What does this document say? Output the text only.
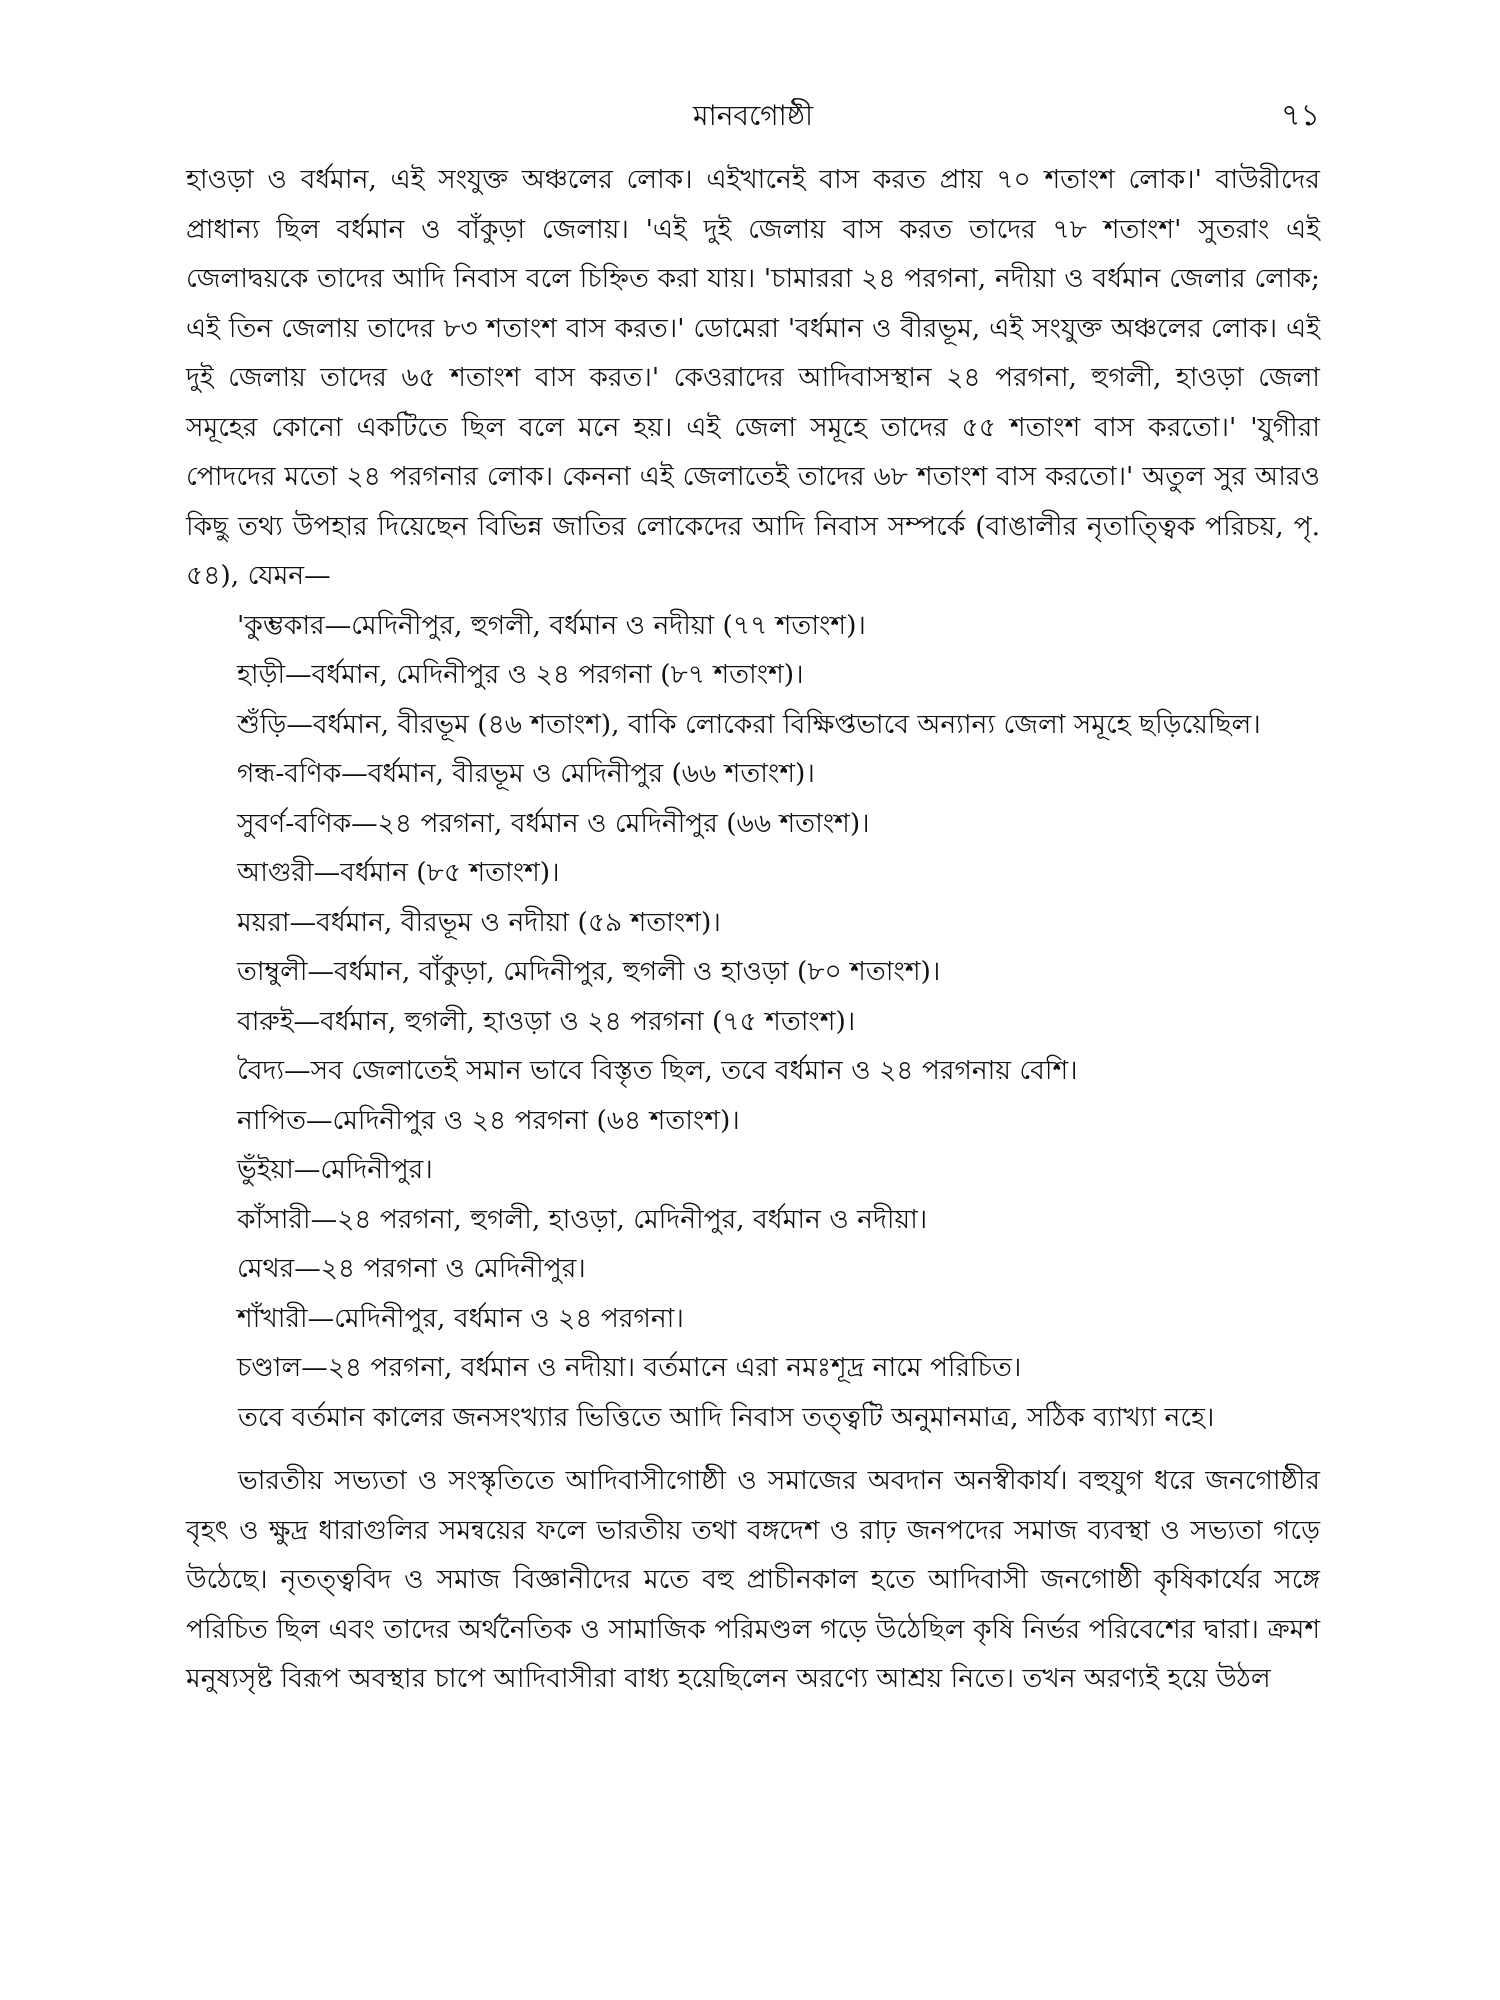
মানবগোষ্ঠী	৭১

হাওড়া ও বর্ধমান, এই সংযুক্ত অঞ্চলের লোক। এইখানেই বাস করত প্রায় ৭০ শতাংশ লোক।' বাউরীদের প্রাধান্য ছিল বর্ধমান ও বাঁকুড়া জেলায়। 'এই দুই জেলায় বাস করত তাদের ৭৮ শতাংশ' সুতরাং এই জেলাদ্বয়কে তাদের আদি নিবাস বলে চিহ্নিত করা যায়। 'চামাররা ২৪ পরগনা, নদীয়া ও বর্ধমান জেলার লোক; এই তিন জেলায় তাদের ৮৩ শতাংশ বাস করত।' ডোমেরা 'বর্ধমান ও বীরভূম, এই সংযুক্ত অঞ্চলের লোক। এই দুই জেলায় তাদের ৬৫ শতাংশ বাস করত।' কেওরাদের আদিবাসস্থান ২৪ পরগনা, হুগলী, হাওড়া জেলা সমূহের কোনো একটিতে ছিল বলে মনে হয়। এই জেলা সমূহে তাদের ৫৫ শতাংশ বাস করতো।' 'যুগীরা পোদদের মতো ২৪ পরগনার লোক। কেননা এই জেলাতেই তাদের ৬৮ শতাংশ বাস করতো।' অতুল সুর আরও কিছু তথ্য উপহার দিয়েছেন বিভিন্ন জাতির লোকেদের আদি নিবাস সম্পর্কে (বাঙালীর নৃতাত্ত্বিক পরিচয়, পৃ. ৫৪), যেমন—

'কুম্ভকার—মেদিনীপুর, হুগলী, বর্ধমান ও নদীয়া (৭৭ শতাংশ)।
হাড়ী—বর্ধমান, মেদিনীপুর ও ২৪ পরগনা (৮৭ শতাংশ)।
শুঁড়ি—বর্ধমান, বীরভূম (৪৬ শতাংশ), বাকি লোকেরা বিক্ষিপ্তভাবে অন্যান্য জেলা সমূহে ছড়িয়েছিল।
গন্ধ-বণিক—বর্ধমান, বীরভূম ও মেদিনীপুর (৬৬ শতাংশ)।
সুবর্ণ-বণিক—২৪ পরগনা, বর্ধমান ও মেদিনীপুর (৬৬ শতাংশ)।
আগুরী—বর্ধমান (৮৫ শতাংশ)।
ময়রা—বর্ধমান, বীরভূম ও নদীয়া (৫৯ শতাংশ)।
তাম্বুলী—বর্ধমান, বাঁকুড়া, মেদিনীপুর, হুগলী ও হাওড়া (৮০ শতাংশ)।
বারুই—বর্ধমান, হুগলী, হাওড়া ও ২৪ পরগনা (৭৫ শতাংশ)।
বৈদ্য—সব জেলাতেই সমান ভাবে বিস্তৃত ছিল, তবে বর্ধমান ও ২৪ পরগনায় বেশি।
নাপিত—মেদিনীপুর ও ২৪ পরগনা (৬৪ শতাংশ)।
ভুঁইয়া—মেদিনীপুর।
কাঁসারী—২৪ পরগনা, হুগলী, হাওড়া, মেদিনীপুর, বর্ধমান ও নদীয়া।
মেথর—২৪ পরগনা ও মেদিনীপুর।
শাঁখারী—মেদিনীপুর, বর্ধমান ও ২৪ পরগনা।
চণ্ডাল—২৪ পরগনা, বর্ধমান ও নদীয়া। বর্তমানে এরা নমঃশূদ্র নামে পরিচিত।

তবে বর্তমান কালের জনসংখ্যার ভিত্তিতে আদি নিবাস তত্ত্বটি অনুমানমাত্র, সঠিক ব্যাখ্যা নহে।

ভারতীয় সভ্যতা ও সংস্কৃতিতে আদিবাসীগোষ্ঠী ও সমাজের অবদান অনস্বীকার্য। বহুযুগ ধরে জনগোষ্ঠীর বৃহৎ ও ক্ষুদ্র ধারাগুলির সমন্বয়ের ফলে ভারতীয় তথা বঙ্গদেশ ও রাঢ় জনপদের সমাজ ব্যবস্থা ও সভ্যতা গড়ে উঠেছে। নৃতত্ত্ববিদ ও সমাজ বিজ্ঞানীদের মতে বহু প্রাচীনকাল হতে আদিবাসী জনগোষ্ঠী কৃষিকার্যের সঙ্গে পরিচিত ছিল এবং তাদের অর্থনৈতিক ও সামাজিক পরিমণ্ডল গড়ে উঠেছিল কৃষি নির্ভর পরিবেশের দ্বারা। ক্রমশ মনুষ্যসৃষ্ট বিরূপ অবস্থার চাপে আদিবাসীরা বাধ্য হয়েছিলেন অরণ্যে আশ্রয় নিতে। তখন অরণ্যই হয়ে উঠল
